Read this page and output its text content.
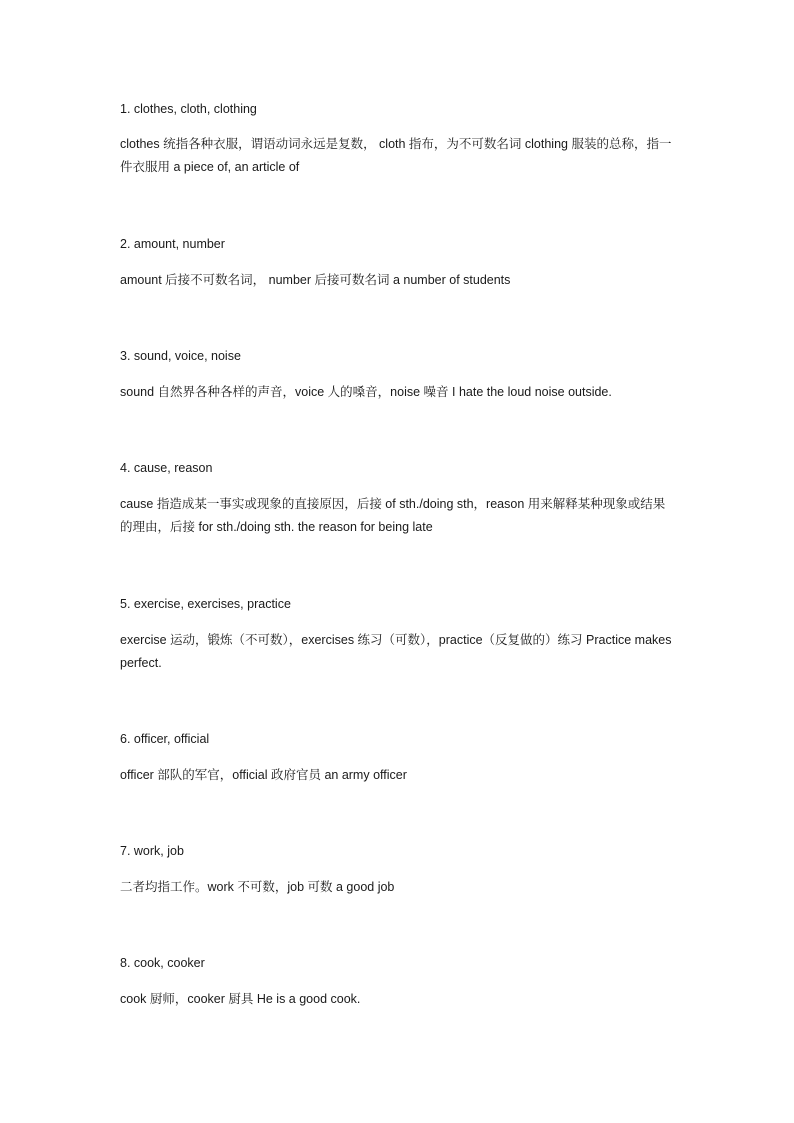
1. clothes, cloth, clothing

clothes 统指各种衣服，谓语动词永远是复数， cloth 指布，为不可数名词 clothing 服装的总称，指一件衣服用 a piece of, an article of

2. amount, number

amount 后接不可数名词， number 后接可数名词 a number of students

3. sound, voice, noise

sound 自然界各种各样的声音，voice 人的嗓音，noise 噪音 I hate the loud noise outside.

4. cause, reason

cause 指造成某一事实或现象的直接原因，后接 of sth./doing sth，reason 用来解释某种现象或结果的理由，后接 for sth./doing sth. the reason for being late

5. exercise, exercises, practice

exercise 运动，锻炼（不可数），exercises 练习（可数），practice（反复做的）练习 Practice makes perfect.

6. officer, official

officer 部队的军官，official 政府官员 an army officer

7. work, job

二者均指工作。work 不可数，job 可数 a good job

8. cook, cooker

cook 厨师，cooker 厨具 He is a good cook.
